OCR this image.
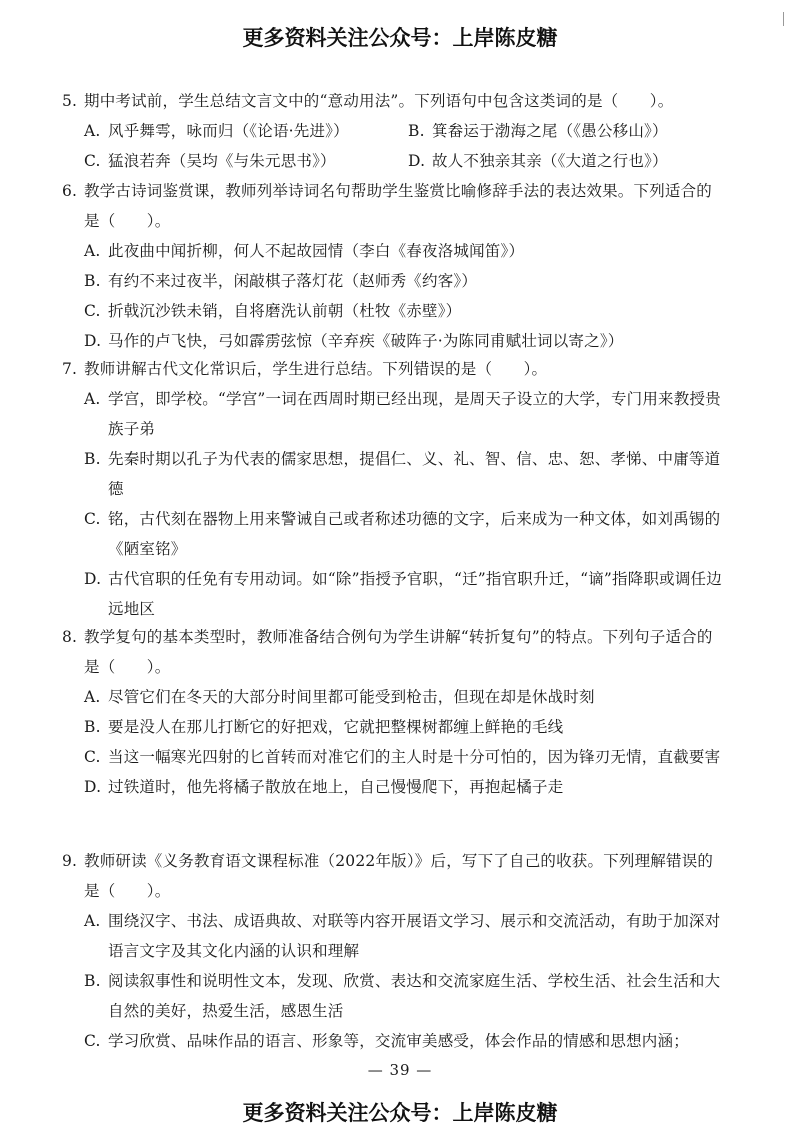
更多资料关注公众号：上岸陈皮糖

5. 期中考试前，学生总结文言文中的“意动用法”。下列语句中包含这类词的是（　　）。

A. 风乎舞雩，咏而归（《论语·先进》）	B. 箕畚运于渤海之尾（《愚公移山》）

C. 猛浪若奔（吴均《与朱元思书》）	D. 故人不独亲其亲（《大道之行也》）

6. 教学古诗词鉴赏课，教师列举诗词名句帮助学生鉴赏比喻修辞手法的表达效果。下列适合的是（　　）。

A. 此夜曲中闻折柳，何人不起故园情（李白《春夜洛城闻笛》）

B. 有约不来过夜半，闲敲棋子落灯花（赵师秀《约客》）

C. 折戟沉沙铁未销，自将磨洗认前朝（杜牧《赤壁》）

D. 马作的卢飞快，弓如霹雳弦惊（辛弃疾《破阵子·为陈同甫赋壮词以寄之》）

7. 教师讲解古代文化常识后，学生进行总结。下列错误的是（　　）。

A. 学宫，即学校。“学宫”一词在西周时期已经出现，是周天子设立的大学，专门用来教授贵族子弟

B. 先秦时期以孔子为代表的儒家思想，提倡仁、义、礼、智、信、忠、恕、孝悌、中庸等道德

C. 铭，古代刻在器物上用来警诫自己或者称述功德的文字，后来成为一种文体，如刘禹锡的《陋室铭》

D. 古代官职的任免有专用动词。如“除”指授予官职，“迁”指官职升迁，“谪”指降职或调任边远地区

8. 教学复句的基本类型时，教师准备结合例句为学生讲解“转折复句”的特点。下列句子适合的是（　　）。

A. 尽管它们在冬天的大部分时间里都可能受到枪击，但现在却是休战时刻

B. 要是没人在那儿打断它的好把戏，它就把整棵树都缠上鲜艳的毛线

C. 当这一幅寒光四射的匕首转而对准它们的主人时是十分可怕的，因为锋刃无情，直截要害

D. 过铁道时，他先将橘子散放在地上，自己慢慢爬下，再抱起橘子走

9. 教师研读《义务教育语文课程标准（2022年版）》后，写下了自己的收获。下列理解错误的是（　　）。

A. 围绕汉字、书法、成语典故、对联等内容开展语文学习、展示和交流活动，有助于加深对语言文字及其文化内涵的认识和理解

B. 阅读叙事性和说明性文本，发现、欣赏、表达和交流家庭生活、学校生活、社会生活和大自然的美好，热爱生活，感恩生活

C. 学习欣赏、品味作品的语言、形象等，交流审美感受，体会作品的情感和思想内涵；

— 39 —
更多资料关注公众号：上岸陈皮糖
